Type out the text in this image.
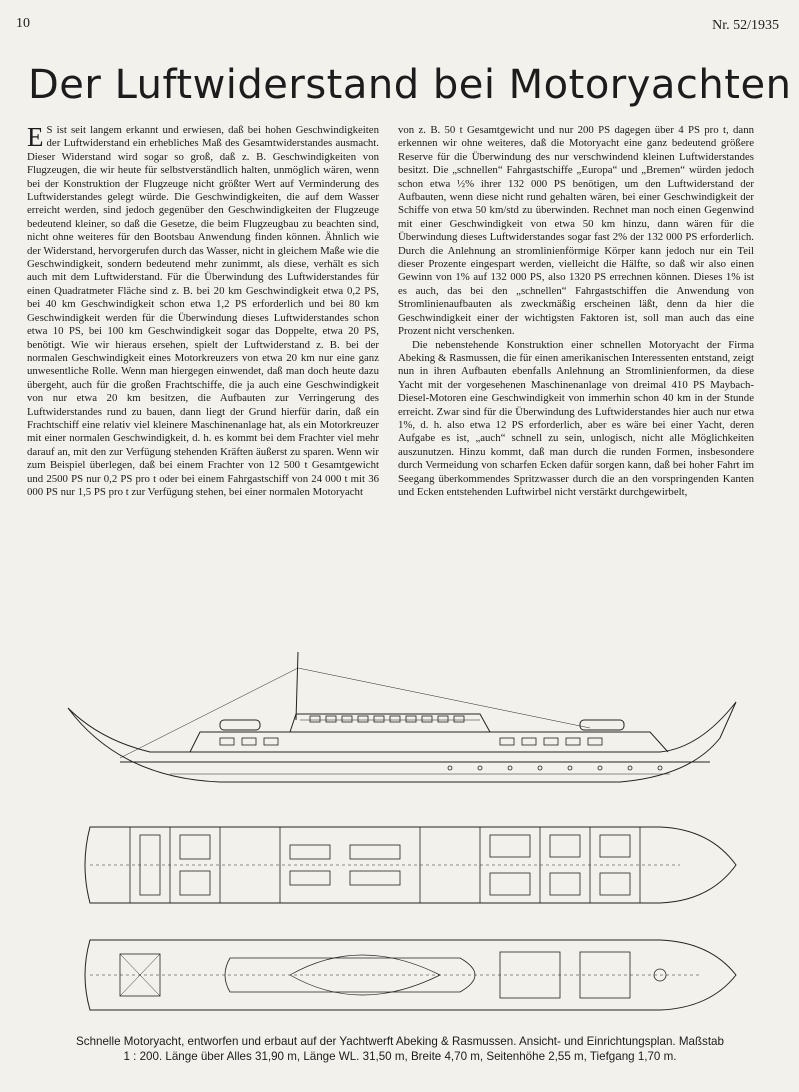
10	Nr. 52/1935
Der Luftwiderstand bei Motoryachten

E S ist seit langem erkannt und erwiesen, daß bei hohen Geschwindigkeiten der Luftwiderstand ein erhebliches Maß des Gesamtwiderstandes ausmacht. Dieser Widerstand wird sogar so groß, daß z. B. Geschwindigkeiten von Flugzeugen, die wir heute für selbstverständlich halten, unmöglich wären, wenn bei der Konstruktion der Flugzeuge nicht größter Wert auf Verminderung des Luftwiderstandes gelegt würde. Die Geschwindigkeiten, die auf dem Wasser erreicht werden, sind jedoch gegenüber den Geschwindigkeiten der Flugzeuge bedeutend kleiner, so daß die Gesetze, die beim Flugzeugbau zu beachten sind, nicht ohne weiteres für den Bootsbau Anwendung finden können. Ähnlich wie der Widerstand, hervorgerufen durch das Wasser, nicht in gleichem Maße wie die Geschwindigkeit, sondern bedeutend mehr zunimmt, als diese, verhält es sich auch mit dem Luftwiderstand. Für die Überwindung des Luftwiderstandes für einen Quadratmeter Fläche sind z. B. bei 20 km Geschwindigkeit etwa 0,2 PS, bei 40 km Geschwindigkeit schon etwa 1,2 PS erforderlich und bei 80 km Geschwindigkeit werden für die Überwindung dieses Luftwiderstandes schon etwa 10 PS, bei 100 km Geschwindigkeit sogar das Doppelte, etwa 20 PS, benötigt. Wie wir hieraus ersehen, spielt der Luftwiderstand z. B. bei der normalen Geschwindigkeit eines Motorkreuzers von etwa 20 km nur eine ganz unwesentliche Rolle. Wenn man hiergegen einwendet, daß man doch heute dazu übergeht, auch für die großen Frachtschiffe, die ja auch eine Geschwindigkeit von nur etwa 20 km besitzen, die Aufbauten zur Verringerung des Luftwiderstandes rund zu bauen, dann liegt der Grund hierfür darin, daß ein Frachtschiff eine relativ viel kleinere Maschinenanlage hat, als ein Motorkreuzer mit einer normalen Geschwindigkeit, d. h. es kommt bei dem Frachter viel mehr darauf an, mit den zur Verfügung stehenden Kräften äußerst zu sparen. Wenn wir zum Beispiel überlegen, daß bei einem Frachter von 12 500 t Gesamtgewicht und 2500 PS nur 0,2 PS pro t oder bei einem Fahrgastschiff von 24 000 t mit 36 000 PS nur 1,5 PS pro t zur Verfügung stehen, bei einer normalen Motoryacht

von z. B. 50 t Gesamtgewicht und nur 200 PS dagegen über 4 PS pro t, dann erkennen wir ohne weiteres, daß die Motoryacht eine ganz bedeutend größere Reserve für die Überwindung des nur verschwindend kleinen Luftwiderstandes besitzt. Die „schnellen“ Fahrgastschiffe „Europa“ und „Bremen“ würden jedoch schon etwa ½% ihrer 132 000 PS benötigen, um den Luftwiderstand der Aufbauten, wenn diese nicht rund gehalten wären, bei einer Geschwindigkeit der Schiffe von etwa 50 km/std zu überwinden. Rechnet man noch einen Gegenwind mit einer Geschwindigkeit von etwa 50 km hinzu, dann wären für die Überwindung dieses Luftwiderstandes sogar fast 2% der 132 000 PS erforderlich. Durch die Anlehnung an stromlinienförmige Körper kann jedoch nur ein Teil dieser Prozente eingespart werden, vielleicht die Hälfte, so daß wir also einen Gewinn von 1% auf 132 000 PS, also 1320 PS errechnen können. Dieses 1% ist es auch, das bei den „schnellen“ Fahrgastschiffen die Anwendung von Stromlinienaufbauten als zweckmäßig erscheinen läßt, denn da hier die Geschwindigkeit einer der wichtigsten Faktoren ist, soll man auch das eine Prozent nicht verschenken.

Die nebenstehende Konstruktion einer schnellen Motoryacht der Firma Abeking & Rasmussen, die für einen amerikanischen Interessenten entstand, zeigt nun in ihren Aufbauten ebenfalls Anlehnung an Stromlinienformen, da diese Yacht mit der vorgesehenen Maschinenanlage von dreimal 410 PS Maybach-Diesel-Motoren eine Geschwindigkeit von immerhin schon 40 km in der Stunde erreicht. Zwar sind für die Überwindung des Luftwiderstandes hier auch nur etwa 1%, d. h. also etwa 12 PS erforderlich, aber es wäre bei einer Yacht, deren Aufgabe es ist, „auch“ schnell zu sein, unlogisch, nicht alle Möglichkeiten auszunutzen. Hinzu kommt, daß man durch die runden Formen, insbesondere durch Vermeidung von scharfen Ecken dafür sorgen kann, daß bei hoher Fahrt im Seegang überkommendes Spritzwasser durch die an den vorspringenden Kanten und Ecken entstehenden Luftwirbel nicht verstärkt durchgewirbelt,

Schnelle Motoryacht, entworfen und erbaut auf der Yachtwerft Abeking & Rasmussen. Ansicht- und Einrichtungsplan. Maßstab
1 : 200. Länge über Alles 31,90 m, Länge WL. 31,50 m, Breite 4,70 m, Seitenhöhe 2,55 m, Tiefgang 1,70 m.
